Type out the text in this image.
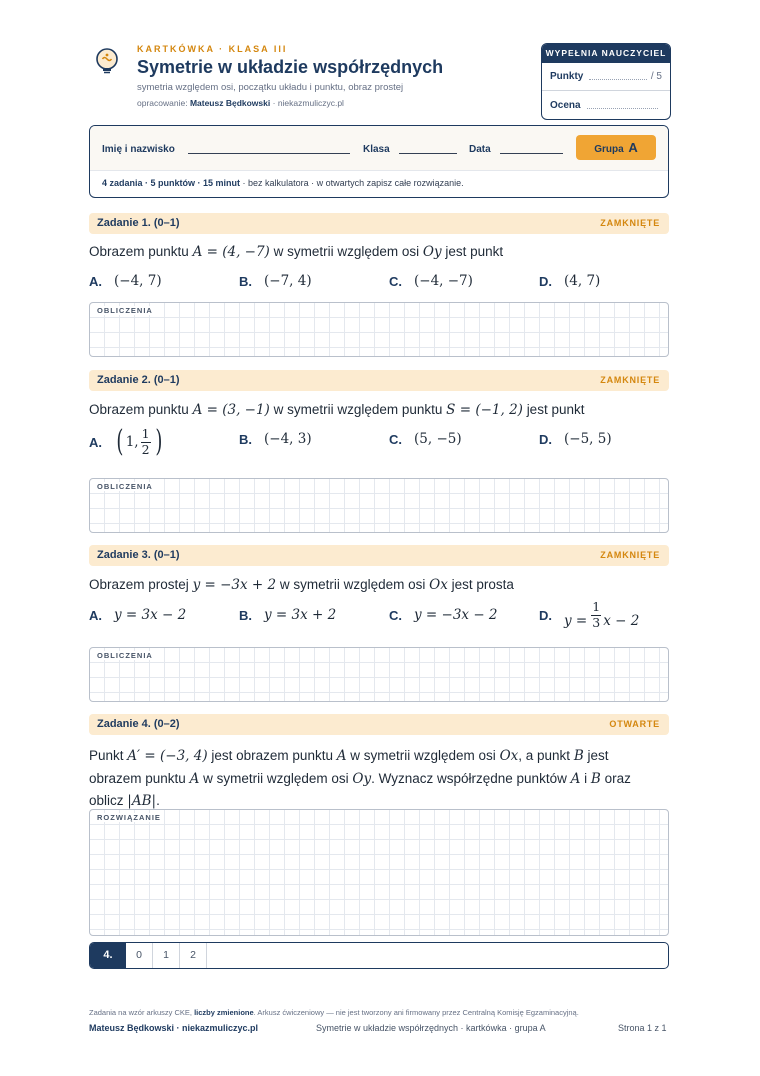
KARTKÓWKA · KLASA III
Symetrie w układzie współrzędnych
symetria względem osi, początku układu i punktu, obraz prostej
opracowanie: Mateusz Będkowski · niekazmuliczyc.pl
WYPEŁNIA NAUCZYCIEL
Punkty	/ 5
Ocena
Imię i nazwisko	Klasa	Data	Grupa A
4 zadania · 5 punktów · 15 minut · bez kalkulatora · w otwartych zapisz całe rozwiązanie.
Zadanie 1. (0–1)	ZAMKNIĘTE
Obrazem punktu A = (4, −7) w symetrii względem osi Oy jest punkt
A. (−4, 7)	B. (−7, 4)	C. (−4, −7)	D. (4, 7)
OBLICZENIA
Zadanie 2. (0–1)	ZAMKNIĘTE
Obrazem punktu A = (3, −1) w symetrii względem punktu S = (−1, 2) jest punkt
A. ( 1, $\frac{1}{2}$ )	B. (−4, 3)	C. (5, −5)	D. (−5, 5)
OBLICZENIA
Zadanie 3. (0–1)	ZAMKNIĘTE
Obrazem prostej y = −3x + 2 w symetrii względem osi Ox jest prosta
A. y = 3x − 2	B. y = 3x + 2	C. y = −3x − 2	D. $y = \frac{1}{3}$ x − 2
OBLICZENIA
Zadanie 4. (0–2)	OTWARTE
Punkt A′ = (−3, 4) jest obrazem punktu A w symetrii względem osi Ox, a punkt B jest obrazem punktu A w symetrii względem osi Oy. Wyznacz współrzędne punktów A i B oraz oblicz |AB|.
ROZWIĄZANIE
4.	0	1	2
Zadania na wzór arkuszy CKE, liczby zmienione. Arkusz ćwiczeniowy — nie jest tworzony ani firmowany przez Centralną Komisję Egzaminacyjną.
Mateusz Będkowski · niekazmuliczyc.pl	Symetrie w układzie współrzędnych · kartkówka · grupa A	Strona 1 z 1
